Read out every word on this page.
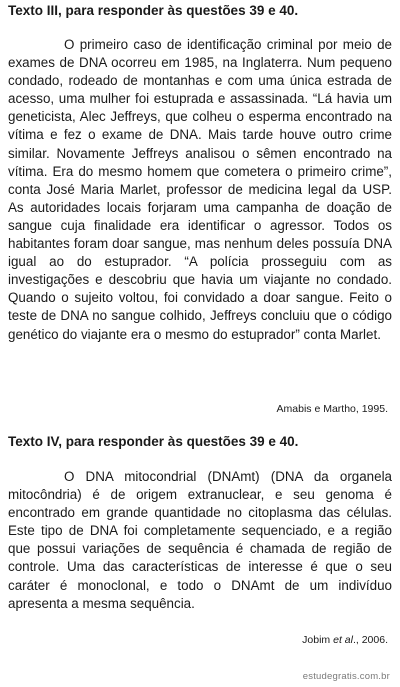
Texto III, para responder às questões 39 e 40.

O primeiro caso de identificação criminal por meio de exames de DNA ocorreu em 1985, na Inglaterra. Num pequeno condado, rodeado de montanhas e com uma única estrada de acesso, uma mulher foi estuprada e assassinada. “Lá havia um geneticista, Alec Jeffreys, que colheu o esperma encontrado na vítima e fez o exame de DNA. Mais tarde houve outro crime similar. Novamente Jeffreys analisou o sêmen encontrado na vítima. Era do mesmo homem que cometera o primeiro crime”, conta José Maria Marlet, professor de medicina legal da USP. As autoridades locais forjaram uma campanha de doação de sangue cuja finalidade era identificar o agressor. Todos os habitantes foram doar sangue, mas nenhum deles possuía DNA igual ao do estuprador. “A polícia prosseguiu com as investigações e descobriu que havia um viajante no condado. Quando o sujeito voltou, foi convidado a doar sangue. Feito o teste de DNA no sangue colhido, Jeffreys concluiu que o código genético do viajante era o mesmo do estuprador” conta Marlet.

Amabis e Martho, 1995.

Texto IV, para responder às questões 39 e 40.

O DNA mitocondrial (DNAmt) (DNA da organela mitocôndria) é de origem extranuclear, e seu genoma é encontrado em grande quantidade no citoplasma das células. Este tipo de DNA foi completamente sequenciado, e a região que possui variações de sequência é chamada de região de controle. Uma das características de interesse é que o seu caráter é monoclonal, e todo o DNAmt de um indivíduo apresenta a mesma sequência.

Jobim et al., 2006.

estudegratis.com.br
